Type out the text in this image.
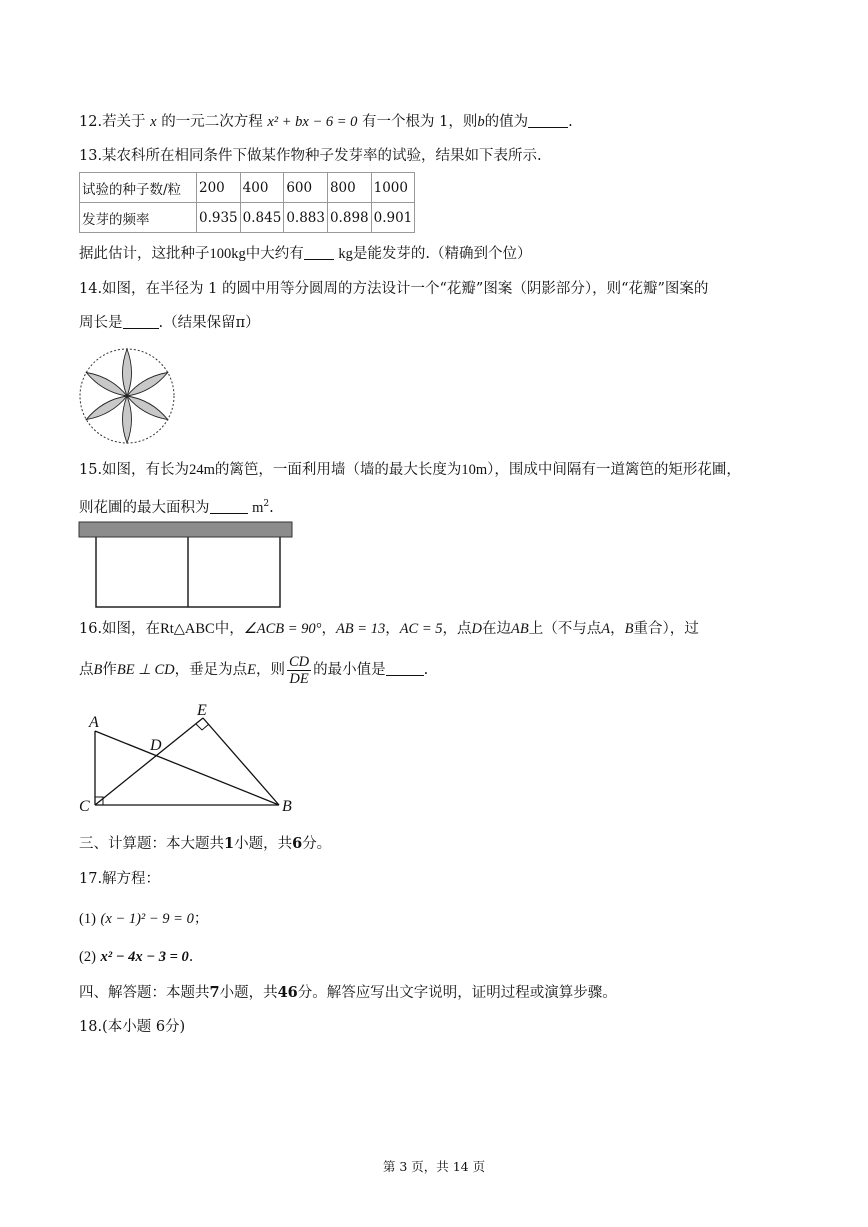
12.若关于 x 的一元二次方程 x² + bx − 6 = 0 有一个根为 1，则b的值为	.
13.某农科所在相同条件下做某作物种子发芽率的试验，结果如下表所示.
试验的种子数/粒	200	400	600	800	1000
发芽的频率	0.935	0.845	0.883	0.898	0.901
据此估计，这批种子100kg中大约有 kg是能发芽的.（精确到个位）
14.如图，在半径为 1 的圆中用等分圆周的方法设计一个“花瓣”图案（阴影部分），则“花瓣”图案的
周长是 .（结果保留π）
15.如图，有长为24m的篱笆，一面利用墙（墙的最大长度为10m），围成中间隔有一道篱笆的矩形花圃，
则花圃的最大面积为	$m^2$.
16.如图，在Rt△ABC中，∠ACB = 90°，AB = 13，AC = 5，点D在边AB上（不与点A，B重合），过
点B作BE ⊥ CD，垂足为点E，则 $\frac{CD}{DE}$ 的最小值是	.
A
C	B
D
E
三、计算题：本大题共1小题，共6分。
17.解方程：
(1) (x − 1)² − 9 = 0；
(2) x² − 4x − 3 = 0.
四、解答题：本题共7小题，共46分。解答应写出文字说明，证明过程或演算步骤。
18.(本小题 6分)
第 3 页，共 14 页
